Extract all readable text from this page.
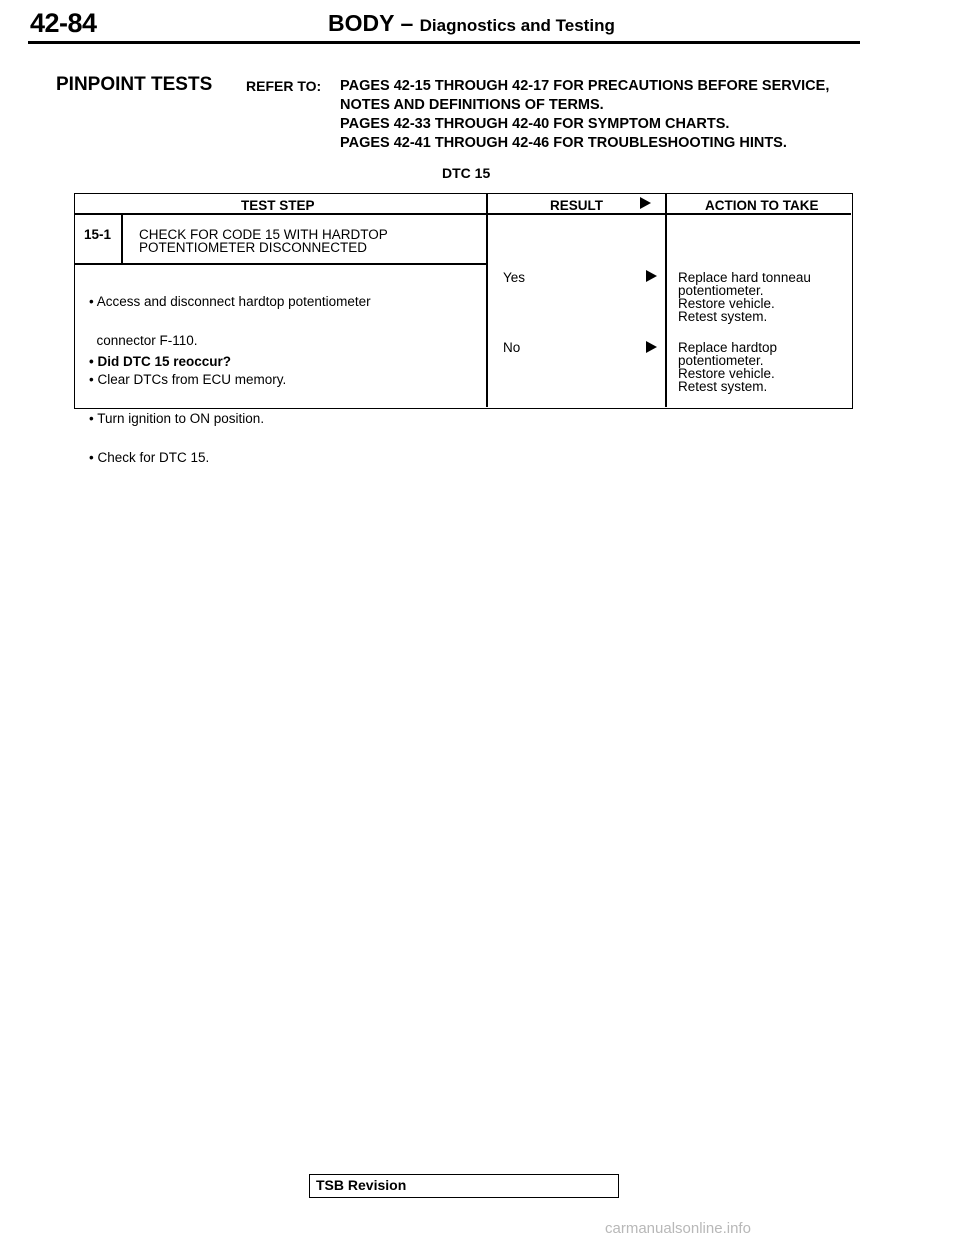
42-84	BODY – Diagnostics and Testing
PINPOINT TESTS REFER TO: PAGES 42-15 THROUGH 42-17 FOR PRECAUTIONS BEFORE SERVICE,
NOTES AND DEFINITIONS OF TERMS.
PAGES 42-33 THROUGH 42-40 FOR SYMPTOM CHARTS.
PAGES 42-41 THROUGH 42-46 FOR TROUBLESHOOTING HINTS.
DTC 15
TEST STEP	RESULT	ACTION TO TAKE
15-1 CHECK FOR CODE 15 WITH HARDTOP
POTENTIOMETER DISCONNECTED

• Access and disconnect hardtop potentiometer

connector F-110.

• Clear DTCs from ECU memory.

• Turn ignition to ON position.

• Check for DTC 15.

• Did DTC 15 reoccur?
Yes	Replace hard tonneau
potentiometer.
Restore vehicle.
Retest system.
No	Replace hardtop
potentiometer.
Restore vehicle.
Retest system.
TSB Revision
carmanualsonline.info
